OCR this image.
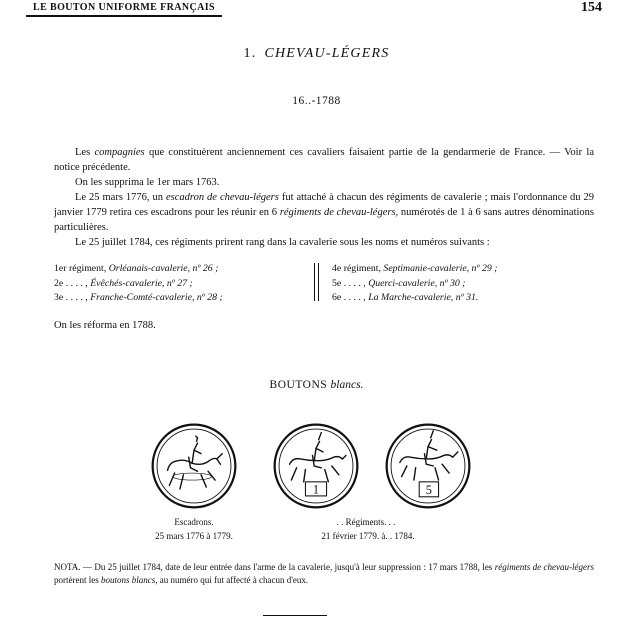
LE BOUTON UNIFORME FRANÇAIS	154
1. CHEVAU-LÉGERS
16..-1788
Les compagnies que constituèrent anciennement ces cavaliers faisaient partie de la gendarmerie de France. — Voir la notice précédente.
On les supprima le 1er mars 1763.
Le 25 mars 1776, un escadron de chevau-légers fut attaché à chacun des régiments de cavalerie ; mais l'ordonnance du 29 janvier 1779 retira ces escadrons pour les réunir en 6 régiments de chevau-légers, numérotés de 1 à 6 sans autres dénominations particulières.
Le 25 juillet 1784, ces régiments prirent rang dans la cavalerie sous les noms et numéros suivants :
1er régiment, Orléanais-cavalerie, nº 26 ;
2e . . . . , Évêchés-cavalerie, nº 27 ;
3e . . . . , Franche-Comté-cavalerie, nº 28 ;
4e régiment, Septimanie-cavalerie, nº 29 ;
5e . . . . , Querci-cavalerie, nº 30 ;
6e . . . . , La Marche-cavalerie, nº 31.
On les réforma en 1788.
BOUTONS blancs.
1	5
Escadrons.
25 mars 1776 à 1779.
. . Régiments. . .
21 février 1779. à. . 1784.
NOTA. — Du 25 juillet 1784, date de leur entrée dans l'arme de la cavalerie, jusqu'à leur suppression : 17 mars 1788, les régiments de chevau-légers portèrent les boutons blancs, au numéro qui fut affecté à chacun d'eux.
